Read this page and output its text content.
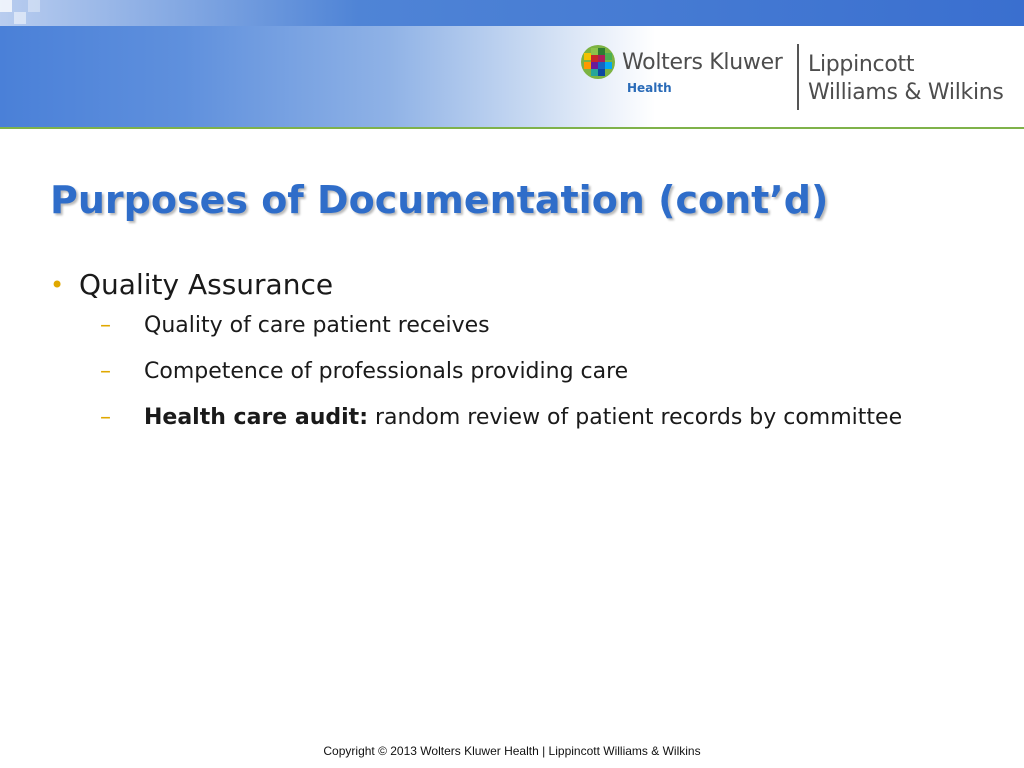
Wolters Kluwer
Health
Lippincott
Williams & Wilkins
Purposes of Documentation (cont’d)
• Quality Assurance
– Quality of care patient receives
– Competence of professionals providing care
– Health care audit: random review of patient records by committee
Copyright © 2013 Wolters Kluwer Health | Lippincott Williams & Wilkins
